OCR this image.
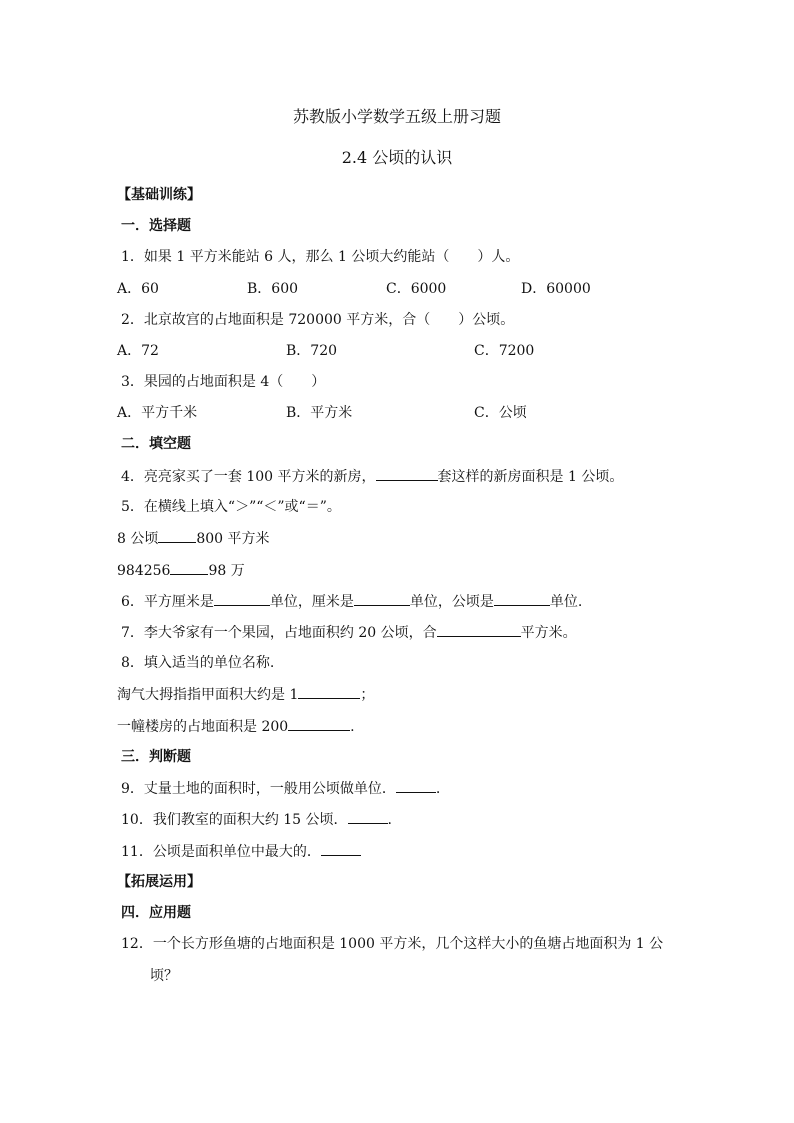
苏教版小学数学五级上册习题
2.4 公顷的认识
【基础训练】
一．选择题
1．如果 1 平方米能站 6 人，那么 1 公顷大约能站（　　）人。
A．60	B．600	C．6000	D．60000
2．北京故宫的占地面积是 720000 平方米，合（　　）公顷。
A．72	B．720	C．7200
3．果园的占地面积是 4（　　）
A．平方千米	B．平方米	C．公顷
二．填空题
4．亮亮家买了一套 100 平方米的新房，	套这样的新房面积是 1 公顷。
5．在横线上填入“＞”“＜”或“＝”。
8 公顷	800 平方米
984256	98 万
6．平方厘米是	单位，厘米是	单位，公顷是	单位.
7．李大爷家有一个果园，占地面积约 20 公顷，合	平方米。
8．填入适当的单位名称.
淘气大拇指指甲面积大约是 1	；
一幢楼房的占地面积是 200	.
三．判断题
9．丈量土地的面积时，一般用公顷做单位．	.
10．我们教室的面积大约 15 公顷．	.
11．公顷是面积单位中最大的．
【拓展运用】
四．应用题
12．一个长方形鱼塘的占地面积是 1000 平方米，几个这样大小的鱼塘占地面积为 1 公
顷？
